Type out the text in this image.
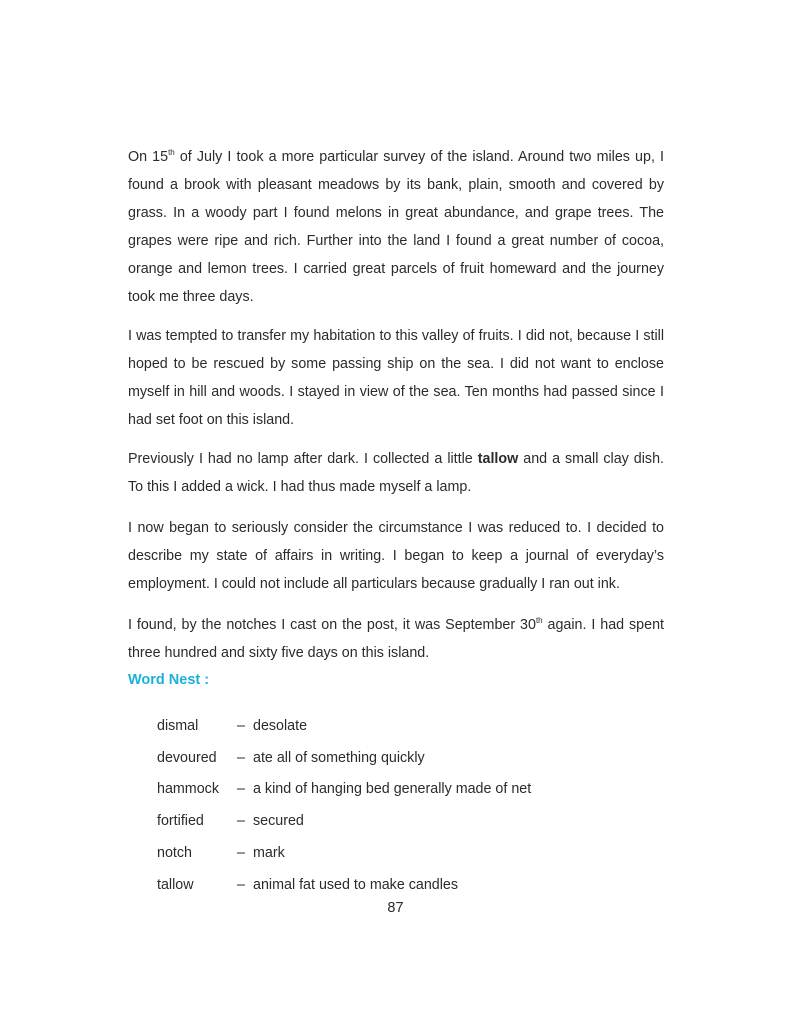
On 15th of July I took a more particular survey of the island. Around two miles up, I found a brook with pleasant meadows by its bank, plain, smooth and covered by grass. In a woody part I found melons in great abundance, and grape trees. The grapes were ripe and rich. Further into the land I found a great number of cocoa, orange and lemon trees. I carried great parcels of fruit homeward and the journey took me three days.

I was tempted to transfer my habitation to this valley of fruits. I did not, because I still hoped to be rescued by some passing ship on the sea. I did not want to enclose myself in hill and woods. I stayed in view of the sea. Ten months had passed since I had set foot on this island.

Previously I had no lamp after dark. I collected a little tallow and a small clay dish. To this I added a wick. I had thus made myself a lamp.

I now began to seriously consider the circumstance I was reduced to. I decided to describe my state of affairs in writing. I began to keep a journal of everyday’s employment. I could not include all particulars because gradually I ran out ink.

I found, by the notches I cast on the post, it was September 30th again. I had spent three hundred and sixty five days on this island.

Word Nest :
dismal	– desolate
devoured	– ate all of something quickly
hammock	– a kind of hanging bed generally made of net
fortified	– secured
notch	– mark
tallow	– animal fat used to make candles
87
